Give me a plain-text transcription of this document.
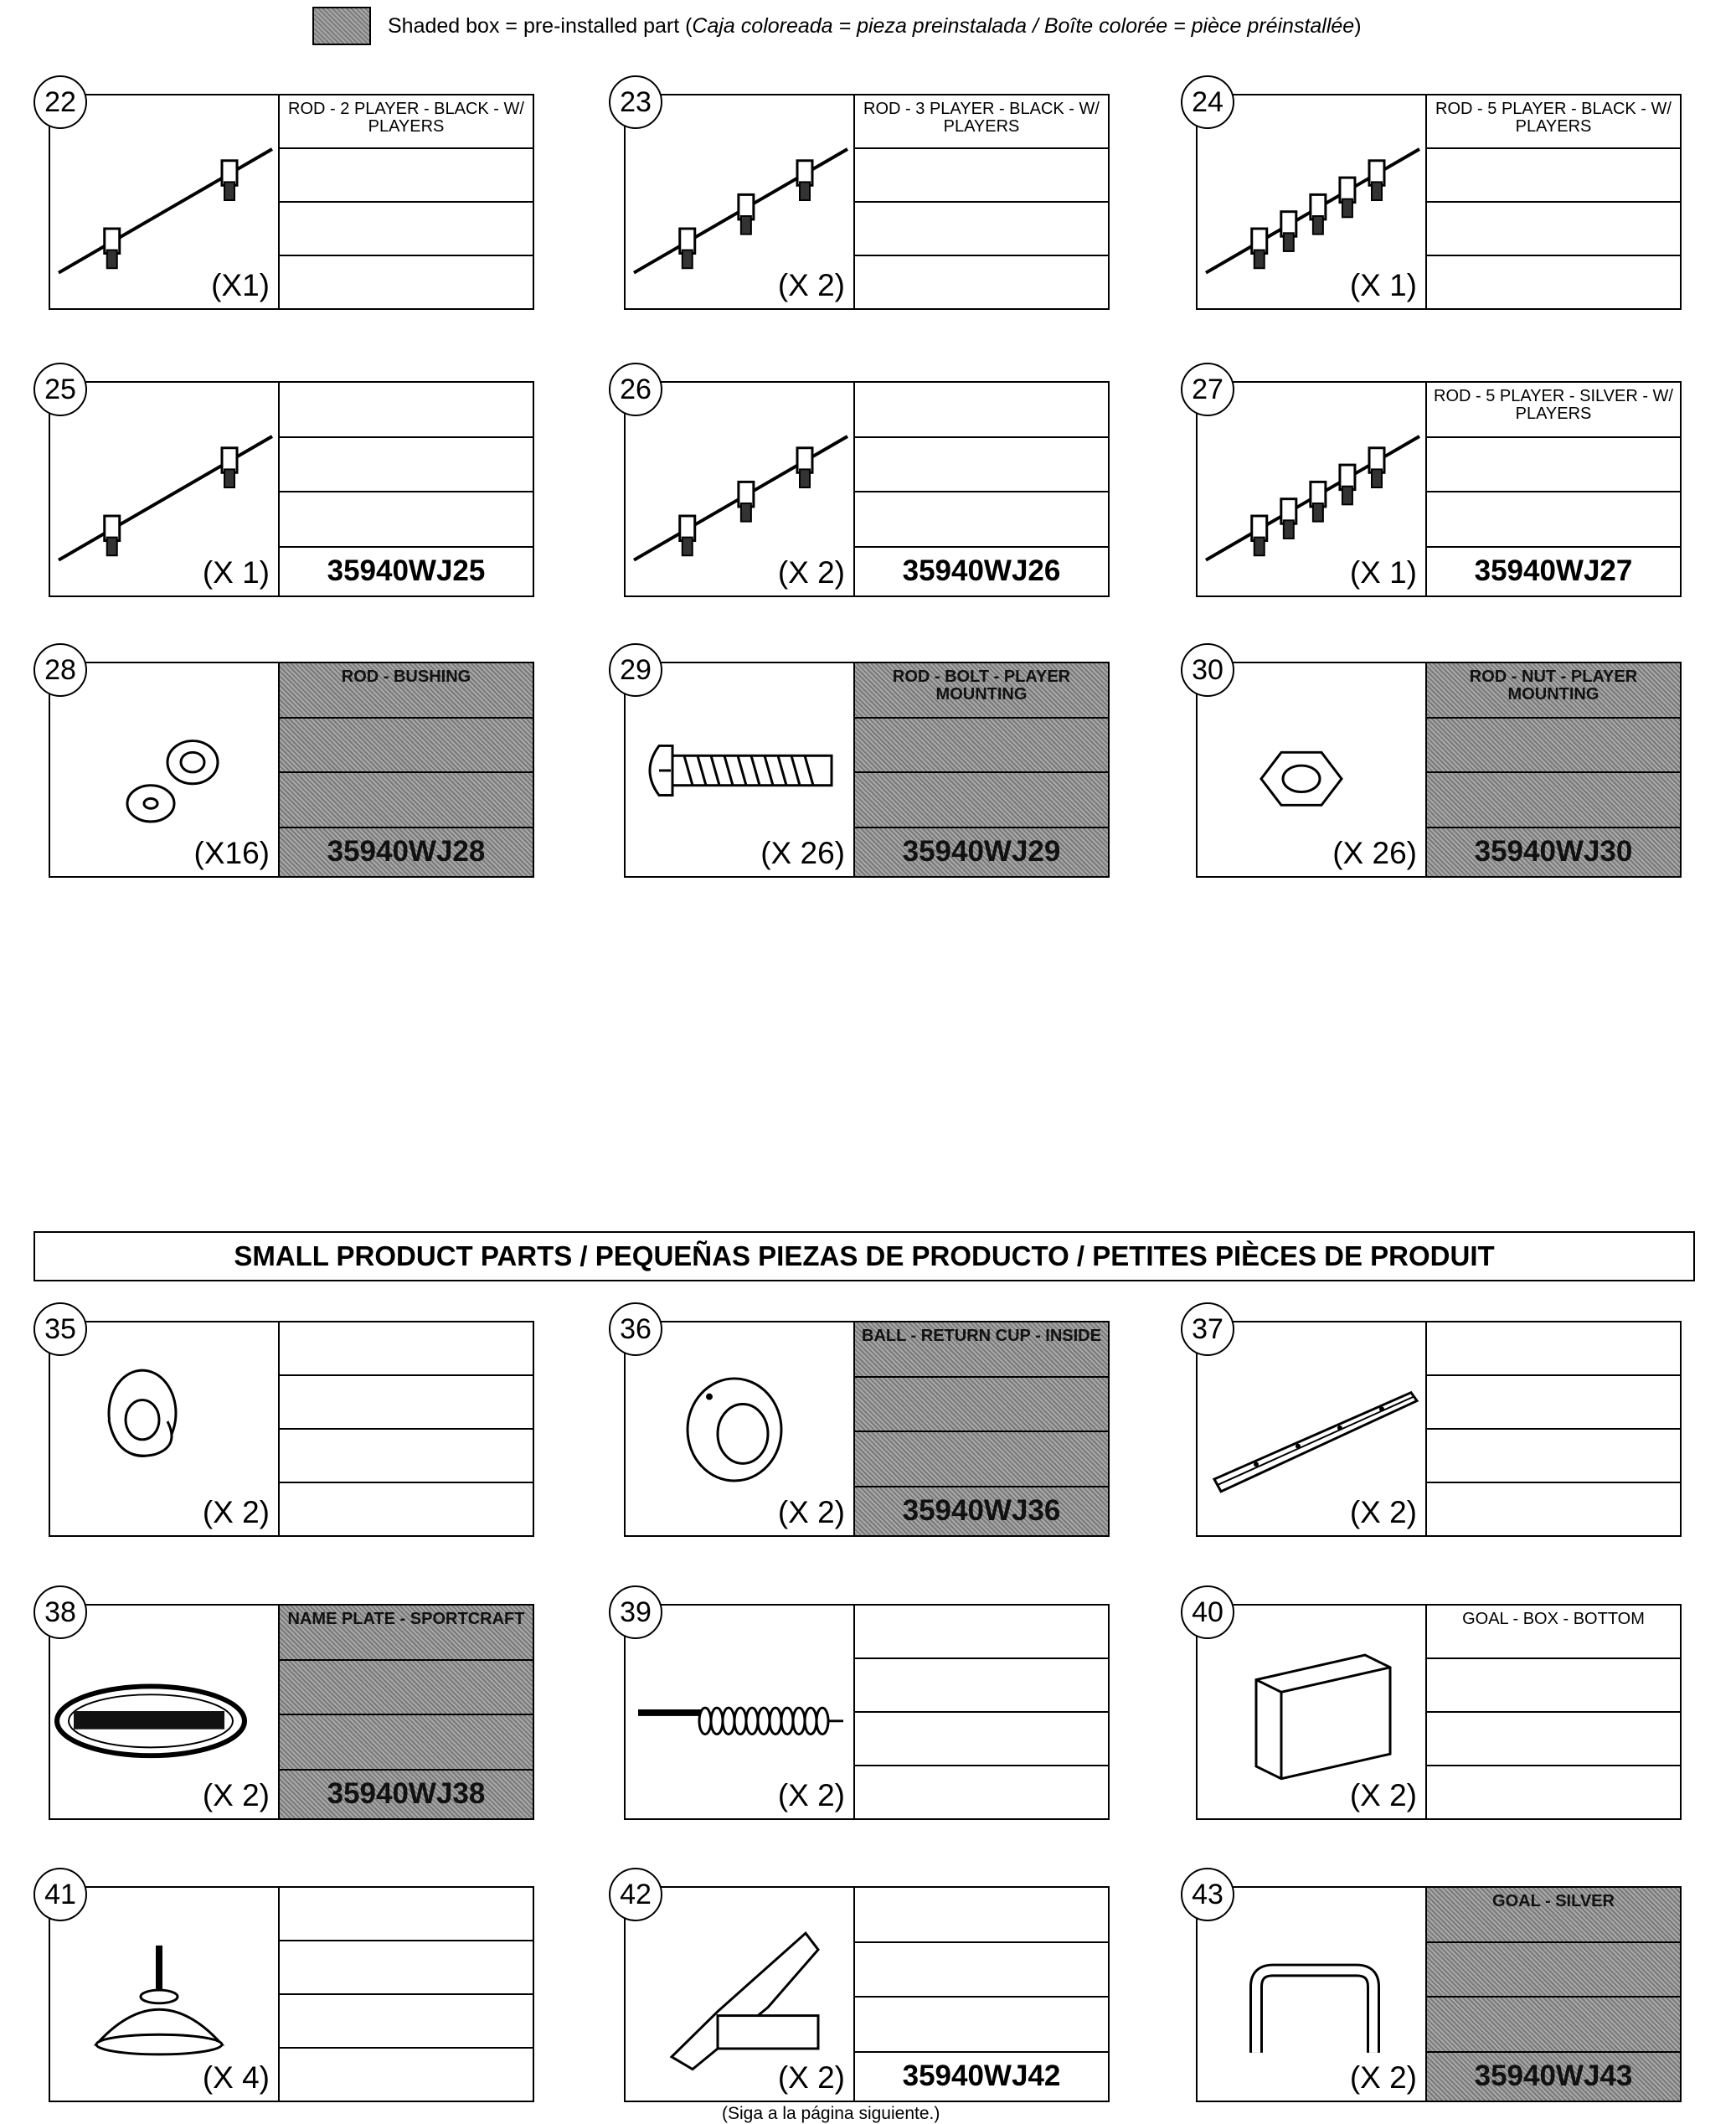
Shaded box = pre-installed part (Caja coloreada = pieza preinstalada / Boîte colorée = pièce préinstallée)
SMALL PRODUCT PARTS / PEQUEÑAS PIEZAS DE PRODUCTO / PETITES PIÈCES DE PRODUIT
22
(X1)
ROD - 2 PLAYER - BLACK - W/ PLAYERS
23
(X 2)
ROD - 3 PLAYER - BLACK - W/ PLAYERS
24
(X 1)
ROD - 5 PLAYER - BLACK - W/ PLAYERS
25
(X 1)	35940WJ25
26
(X 2)	35940WJ26
27
(X 1)
ROD - 5 PLAYER - SILVER - W/ PLAYERS
35940WJ27
28
(X16)
ROD - BUSHING
35940WJ28
29
(X 26)
ROD - BOLT - PLAYER MOUNTING
35940WJ29
30
(X 26)
ROD - NUT - PLAYER MOUNTING
35940WJ30
35
(X 2)
36
(X 2)
BALL - RETURN CUP - INSIDE
35940WJ36
37
(X 2)
38
(X 2)
NAME PLATE - SPORTCRAFT
35940WJ38
39
(X 2)
40
(X 2)
GOAL - BOX - BOTTOM
41
(X 4)
42
(X 2)	35940WJ42
43
(X 2)
GOAL - SILVER
35940WJ43
(Siga a la página siguiente.)
